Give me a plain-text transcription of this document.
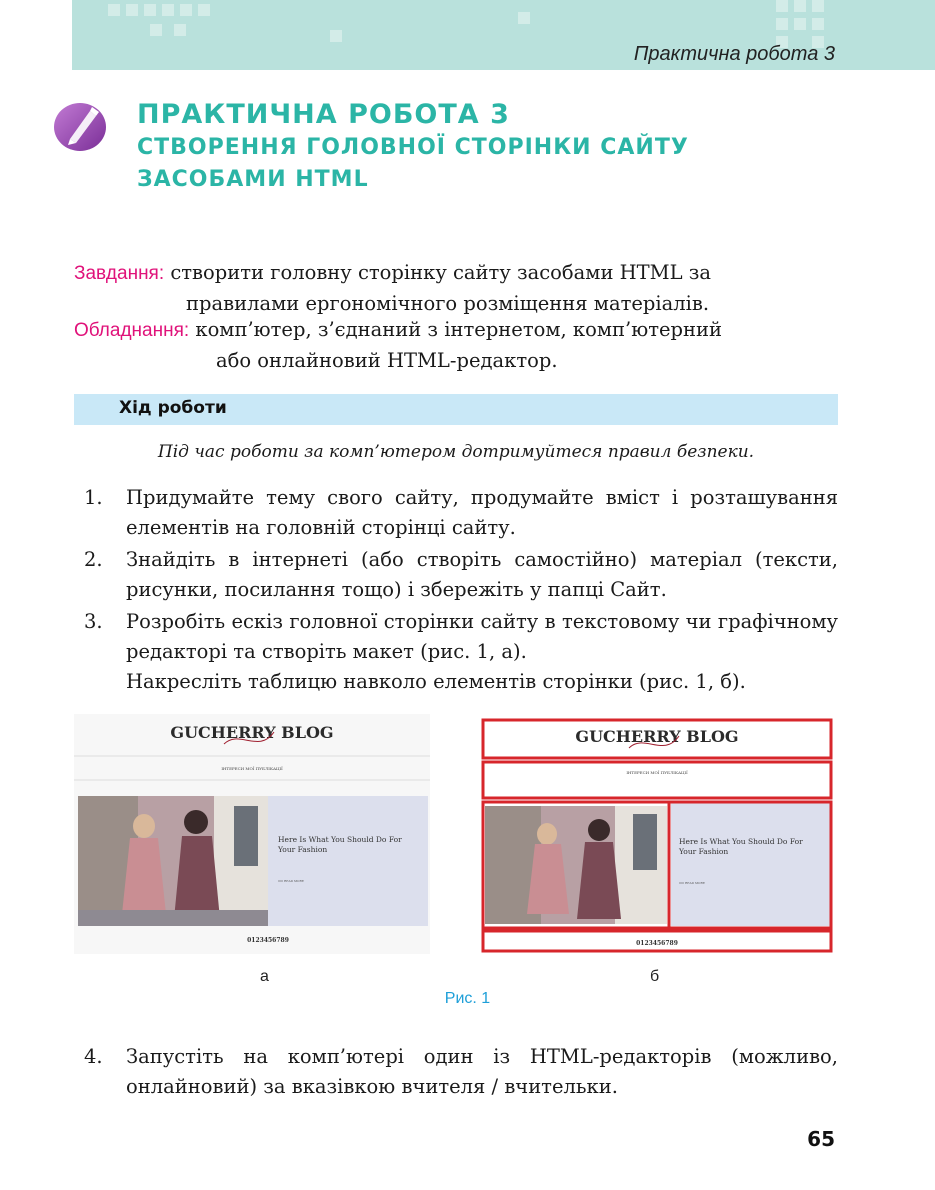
Практична робота 3
ПРАКТИЧНА РОБОТА 3
СТВОРЕННЯ ГОЛОВНОЇ СТОРІНКИ САЙТУ
ЗАСОБАМИ HTML
Завдання: створити головну сторінку сайту засобами HTML за
правилами ергономічного розміщення матеріалів.
Обладнання: комп’ютер, з’єднаний з інтернетом, комп’ютерний
або онлайновий HTML-редактор.
Хід роботи
Під час роботи за комп’ютером дотримуйтеся правил безпеки.
1. Придумайте тему свого сайту, продумайте вміст і розташування елементів на головній сторінці сайту.
2. Знайдіть в інтернеті (або створіть самостійно) матеріал (тексти, рисунки, посилання тощо) і збережіть у папці Сайт.
3. Розробіть ескіз головної сторінки сайту в текстовому чи графічному редакторі та створіть макет (рис. 1, а).
Накресліть таблицю навколо елементів сторінки (рис. 1, б).
GUCHERRY BLOG
ІНТЕРЕСИ МОЇ ПУБЛІКАЦІЇ
Here Is What You Should Do For
Your Fashion
READ MORE
0123456789
GUCHERRY BLOG
ІНТЕРЕСИ МОЇ ПУБЛІКАЦІЇ
Here Is What You Should Do For
Your Fashion
READ MORE
0123456789
а	б
Рис. 1
4. Запустіть на комп’ютері один із HTML-редакторів (можливо, онлайновий) за вказівкою вчителя / вчительки.
65
